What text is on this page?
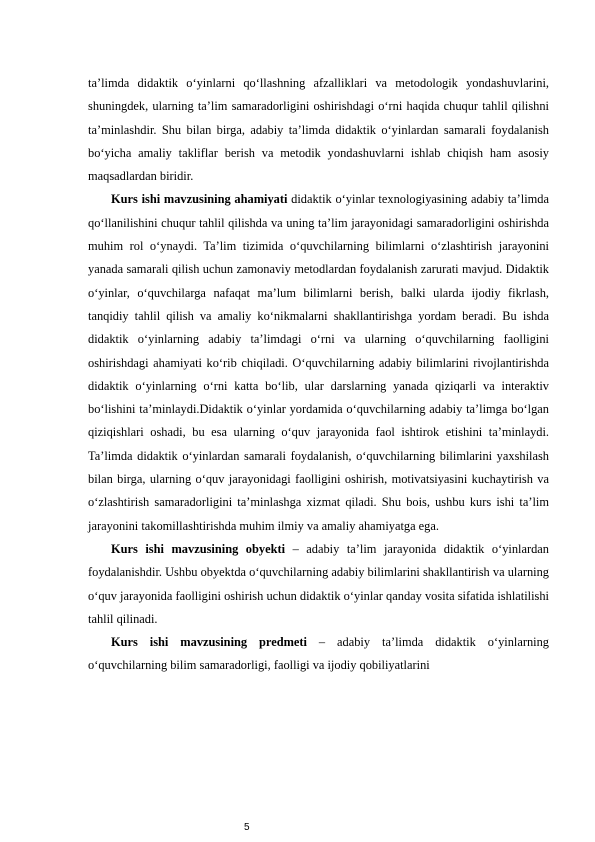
ta’limda didaktik o‘yinlarni qo‘llashning afzalliklari va metodologik yondashuvlarini, shuningdek, ularning ta’lim samaradorligini oshirishdagi o‘rni haqida chuqur tahlil qilishni ta’minlashdir. Shu bilan birga, adabiy ta’limda didaktik o‘yinlardan samarali foydalanish bo‘yicha amaliy takliflar berish va metodik yondashuvlarni ishlab chiqish ham asosiy maqsadlardan biridir.

Kurs ishi mavzusining ahamiyati didaktik o‘yinlar texnologiyasining adabiy ta’limda qo‘llanilishini chuqur tahlil qilishda va uning ta’lim jarayonidagi samaradorligini oshirishda muhim rol o‘ynaydi. Ta’lim tizimida o‘quvchilarning bilimlarni o‘zlashtirish jarayonini yanada samarali qilish uchun zamonaviy metodlardan foydalanish zarurati mavjud. Didaktik o‘yinlar, o‘quvchilarga nafaqat ma’lum bilimlarni berish, balki ularda ijodiy fikrlash, tanqidiy tahlil qilish va amaliy ko‘nikmalarni shakllantirishga yordam beradi. Bu ishda didaktik o‘yinlarning adabiy ta’limdagi o‘rni va ularning o‘quvchilarning faolligini oshirishdagi ahamiyati ko‘rib chiqiladi. O‘quvchilarning adabiy bilimlarini rivojlantirishda didaktik o‘yinlarning o‘rni katta bo‘lib, ular darslarning yanada qiziqarli va interaktiv bo‘lishini ta’minlaydi.Didaktik o‘yinlar yordamida o‘quvchilarning adabiy ta’limga bo‘lgan qiziqishlari oshadi, bu esa ularning o‘quv jarayonida faol ishtirok etishini ta’minlaydi. Ta’limda didaktik o‘yinlardan samarali foydalanish, o‘quvchilarning bilimlarini yaxshilash bilan birga, ularning o‘quv jarayonidagi faolligini oshirish, motivatsiyasini kuchaytirish va o‘zlashtirish samaradorligini ta’minlashga xizmat qiladi. Shu bois, ushbu kurs ishi ta’lim jarayonini takomillashtirishda muhim ilmiy va amaliy ahamiyatga ega.

Kurs ishi mavzusining obyekti – adabiy ta’lim jarayonida didaktik o‘yinlardan foydalanishdir. Ushbu obyektda o‘quvchilarning adabiy bilimlarini shakllantirish va ularning o‘quv jarayonida faolligini oshirish uchun didaktik o‘yinlar qanday vosita sifatida ishlatilishi tahlil qilinadi.

Kurs ishi mavzusining predmeti – adabiy ta’limda didaktik o‘yinlarning o‘quvchilarning bilim samaradorligi, faolligi va ijodiy qobiliyatlarini

5
